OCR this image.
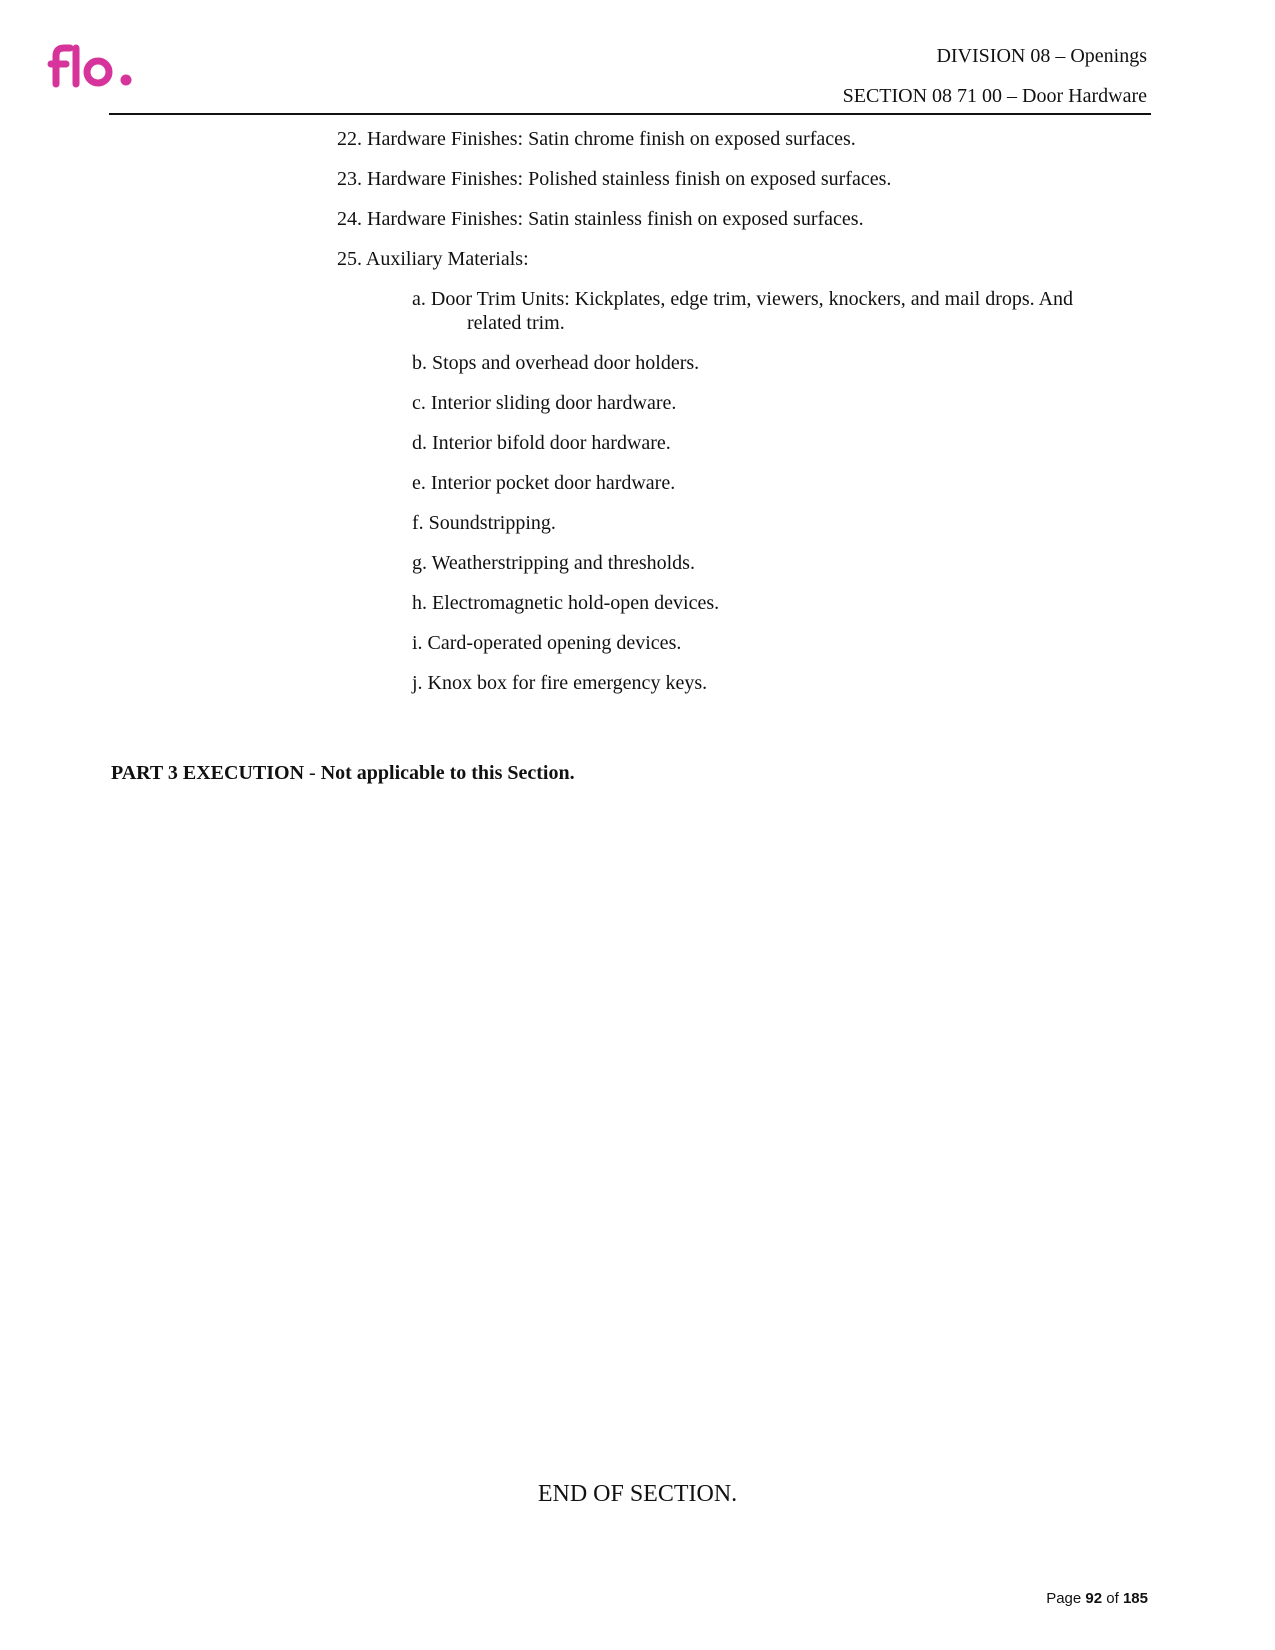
DIVISION 08 – Openings
SECTION 08 71 00 – Door Hardware
22. Hardware Finishes: Satin chrome finish on exposed surfaces.
23. Hardware Finishes: Polished stainless finish on exposed surfaces.
24. Hardware Finishes: Satin stainless finish on exposed surfaces.
25. Auxiliary Materials:
a. Door Trim Units: Kickplates, edge trim, viewers, knockers, and mail drops. And
related trim.
b. Stops and overhead door holders.
c. Interior sliding door hardware.
d. Interior bifold door hardware.
e. Interior pocket door hardware.
f. Soundstripping.
g. Weatherstripping and thresholds.
h. Electromagnetic hold-open devices.
i. Card-operated opening devices.
j. Knox box for fire emergency keys.
PART 3 EXECUTION - Not applicable to this Section.
END OF SECTION.
Page 92 of 185
